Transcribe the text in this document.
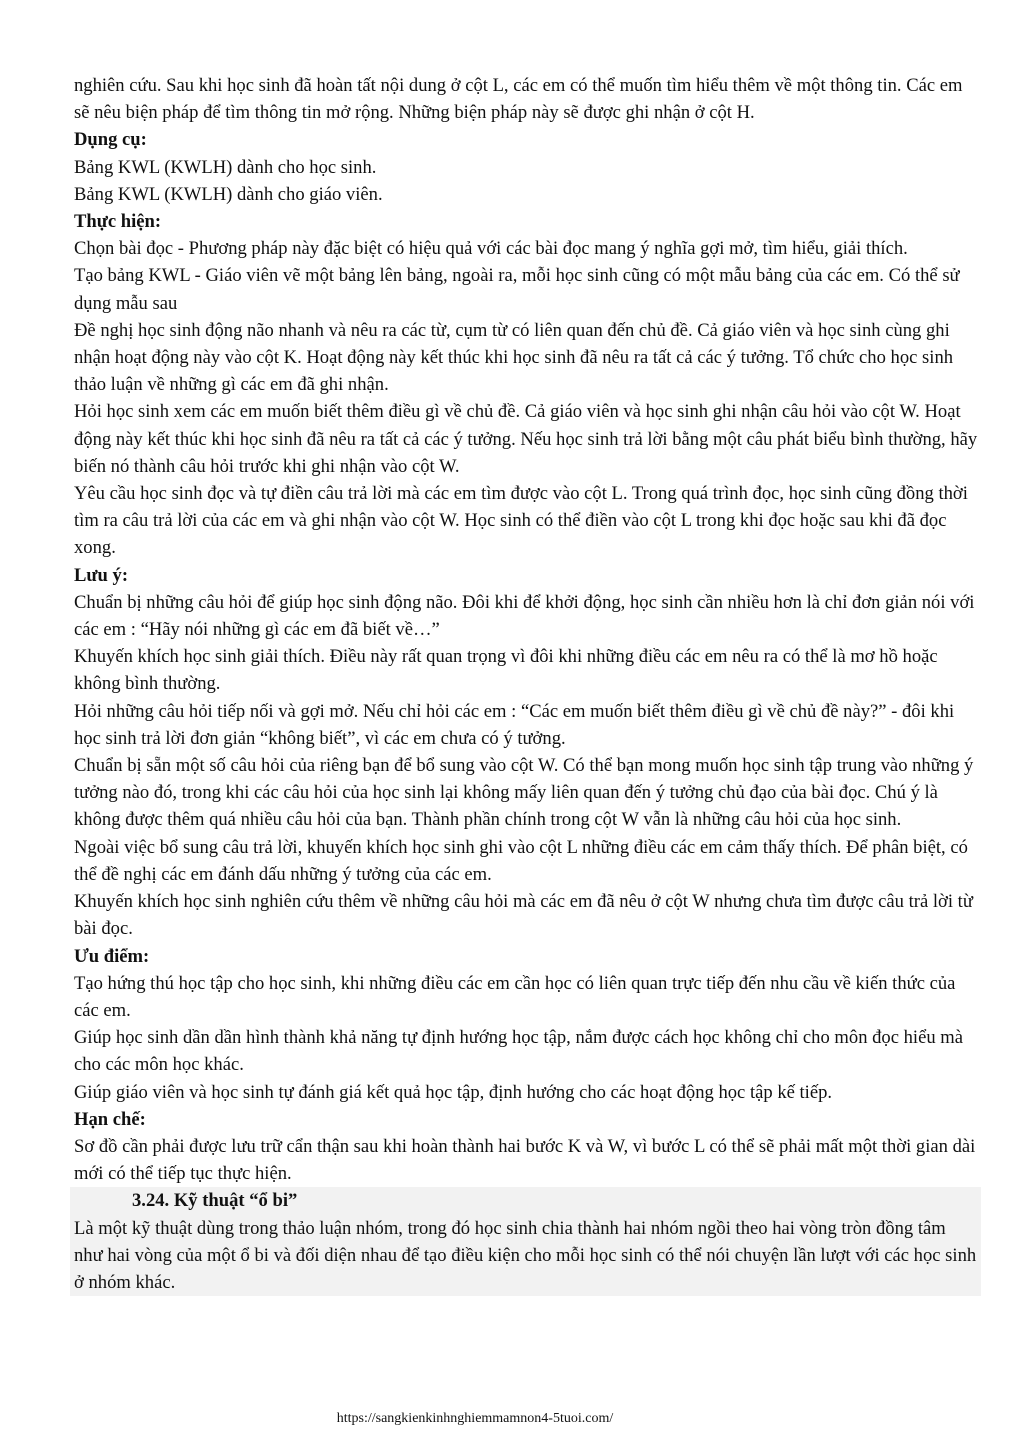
nghiên cứu. Sau khi học sinh đã hoàn tất nội dung ở cột L, các em có thể muốn tìm hiểu thêm về một thông tin. Các em sẽ nêu biện pháp để tìm thông tin mở rộng. Những biện pháp này sẽ được ghi nhận ở cột H.

Dụng cụ:

Bảng KWL (KWLH) dành cho học sinh.

Bảng KWL (KWLH) dành cho giáo viên.

Thực hiện:

Chọn bài đọc - Phương pháp này đặc biệt có hiệu quả với các bài đọc mang ý nghĩa gợi mở, tìm hiểu, giải thích.

Tạo bảng KWL - Giáo viên vẽ một bảng lên bảng, ngoài ra, mỗi học sinh cũng có một mẫu bảng của các em. Có thể sử dụng mẫu sau

Đề nghị học sinh động não nhanh và nêu ra các từ, cụm từ có liên quan đến chủ đề. Cả giáo viên và học sinh cùng ghi nhận hoạt động này vào cột K. Hoạt động này kết thúc khi học sinh đã nêu ra tất cả các ý tưởng. Tổ chức cho học sinh thảo luận về những gì các em đã ghi nhận.

Hỏi học sinh xem các em muốn biết thêm điều gì về chủ đề. Cả giáo viên và học sinh ghi nhận câu hỏi vào cột W. Hoạt động này kết thúc khi học sinh đã nêu ra tất cả các ý tưởng. Nếu học sinh trả lời bằng một câu phát biểu bình thường, hãy biến nó thành câu hỏi trước khi ghi nhận vào cột W.

Yêu cầu học sinh đọc và tự điền câu trả lời mà các em tìm được vào cột L. Trong quá trình đọc, học sinh cũng đồng thời tìm ra câu trả lời của các em và ghi nhận vào cột W. Học sinh có thể điền vào cột L trong khi đọc hoặc sau khi đã đọc xong.

Lưu ý:

Chuẩn bị những câu hỏi để giúp học sinh động não. Đôi khi để khởi động, học sinh cần nhiều hơn là chỉ đơn giản nói với các em : “Hãy nói những gì các em đã biết về…”

Khuyến khích học sinh giải thích. Điều này rất quan trọng vì đôi khi những điều các em nêu ra có thể là mơ hồ hoặc không bình thường.

Hỏi những câu hỏi tiếp nối và gợi mở. Nếu chỉ hỏi các em : “Các em muốn biết thêm điều gì về chủ đề này?” - đôi khi học sinh trả lời đơn giản “không biết”, vì các em chưa có ý tưởng.

Chuẩn bị sẵn một số câu hỏi của riêng bạn để bổ sung vào cột W. Có thể bạn mong muốn học sinh tập trung vào những ý tưởng nào đó, trong khi các câu hỏi của học sinh lại không mấy liên quan đến ý tưởng chủ đạo của bài đọc. Chú ý là không được thêm quá nhiều câu hỏi của bạn. Thành phần chính trong cột W vẫn là những câu hỏi của học sinh.

Ngoài việc bổ sung câu trả lời, khuyến khích học sinh ghi vào cột L những điều các em cảm thấy thích. Để phân biệt, có thể đề nghị các em đánh dấu những ý tưởng của các em.

Khuyến khích học sinh nghiên cứu thêm về những câu hỏi mà các em đã nêu ở cột W nhưng chưa tìm được câu trả lời từ bài đọc.

Ưu điểm:

Tạo hứng thú học tập cho học sinh, khi những điều các em cần học có liên quan trực tiếp đến nhu cầu về kiến thức của các em.

Giúp học sinh dần dần hình thành khả năng tự định hướng học tập, nắm được cách học không chỉ cho môn đọc hiểu mà cho các môn học khác.

Giúp giáo viên và học sinh tự đánh giá kết quả học tập, định hướng cho các hoạt động học tập kế tiếp.

Hạn chế:

Sơ đồ cần phải được lưu trữ cẩn thận sau khi hoàn thành hai bước K và W, vì bước L có thể sẽ phải mất một thời gian dài mới có thể tiếp tục thực hiện.

3.24. Kỹ thuật “ổ bi”

Là một kỹ thuật dùng trong thảo luận nhóm, trong đó học sinh chia thành hai nhóm ngồi theo hai vòng tròn đồng tâm như hai vòng của một ổ bi và đối diện nhau để tạo điều kiện cho mỗi học sinh có thể nói chuyện lần lượt với các học sinh ở nhóm khác.

https://sangkienkinhnghiemmamnon4-5tuoi.com/
